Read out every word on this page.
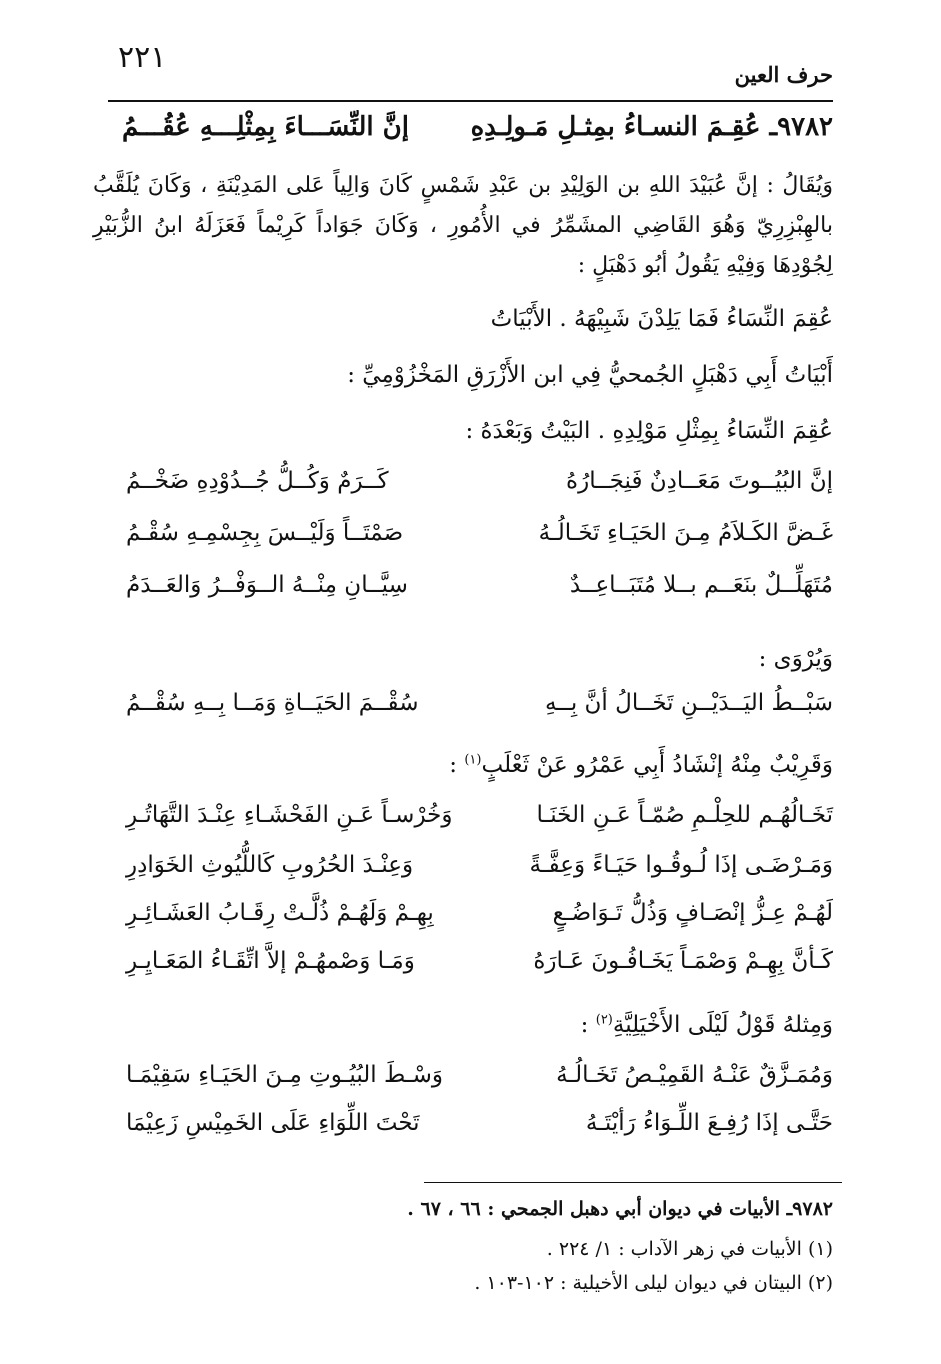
٢٢١	حرف العين
٩٧٨٢ـ عُقِـمَ النسـاءُ بمِثـلِ مَـولِـدِهِ
إنَّ النِّسَـــاءَ بِمِثْلِـــهِ عُقُـــمُ
وَيُقَالُ : إنَّ عُبَيْدَ اللهِ بن الوَلِيْدِ بن عَبْدِ شَمْسٍ كَانَ وَالِياً عَلى المَدِيْنَةِ ، وَكَانَ يُلَقَّبُ بالهِبْزِرِيّ وَهُوَ القَاضِي المشَمِّرُ في الأُمُورِ ، وَكَانَ جَوَاداً كَرِيْماً فَعَزَلَهُ ابنُ الزُّبَيْرِ لِجُوْدِهَا وَفِيْهِ يَقُولُ أبُو دَهْبَلٍ :
عُقِمَ النِّسَاءُ فَمَا يَلِدْنَ شَبِيْهَهُ . الأَبْيَاتُ
أَبْيَاتُ أَبِي دَهْبَلٍ الجُمحيُّ فِي ابن الأَزْرَقِ المَخْزُوْمِيِّ :
عُقِمَ النِّسَاءُ بِمِثْلِ مَوْلِدِهِ . البَيْتُ وَبَعْدَهُ :
إنَّ البُيُــوتَ مَعَــادِنٌ فَنِجَــارُهُ
كَــرَمٌ وَكُــلُّ جُــدُوْدِهِ ضَخْــمُ
غَـضَّ الكَـلاَمُ مِـنَ الحَيَـاءِ تَخَـالُـهُ
صَمْتَــاً وَلَيْــسَ بِجِسْمِـهِ سُقْـمُ
مُتَهَلِّــلٌ بنَعَــم بــلا مُتَبَــاعِــدٌ
سِيَّــانِ مِنْــهُ الــوَفْــرُ وَالعَــدَمُ
وَيُرْوَى :
سَبْــطُ اليَــدَيْــنِ تَخَــالُ أنَّ بِــهِ
سُقْــمَ الحَيَــاةِ وَمَــا بِــهِ سُقْــمُ
وَقَرِيْبٌ مِنْهُ إنْشَادُ أَبِي عَمْرُو عَنْ ثَعْلَبٍ$^{(١)}$ :
تَخَـالُهُـم للحِلْـمِ صُمّـاً عَـنِ الخَنَـا
وَخُرْسـاً عَـنِ الفَحْشَـاءِ عِنْـدَ التَّهَاتُـرِ
وَمَـرْضَـى إذَا لُـوقُـوا حَيَـاءً وَعِفَّـةً
وَعِنْـدَ الحُرُوبِ كَاللُّيُوثِ الخَوَادِرِ
لَهُـمْ عِـزُّ إنْصَـافٍ وَذُلُّ تَـوَاضُـعٍ
بِهِـمْ وَلَهُـمْ ذُلَّـتْ رِقَـابُ العَشَـائِـرِ
كَـأنَّ بِهِـمْ وَصْمَـاً يَخَـافُـونَ عَـارَهُ
وَمَـا وَصْمهُـمْ إلاَّ اتِّقَـاءُ المَعَـايِـرِ
وَمِثلهُ قَوْلُ لَيْلَى الأَخْيَلِيَّةِ$^{(٢)}$ :
وَمُمَـزَّقٌ عَنْـهُ القَمِيْـصُ تَخَـالُـهُ
وَسْـطَ البُيُـوتِ مِـنَ الحَيَـاءِ سَقِيْمَـا
حَتَّـى إذَا رُفِـعَ اللِّـوَاءُ رَأيْتَـهُ
تَحْتَ اللِّوَاءِ عَلَى الخَمِيْسِ زَعِيْمَا
٩٧٨٢ـ الأبيات في ديوان أبي دهبل الجمحي : ٦٦ ، ٦٧ .
(١) الأبيات في زهر الآداب : ١/ ٢٢٤ .
(٢) البيتان في ديوان ليلى الأخيلية : ١٠٢-١٠٣ .
